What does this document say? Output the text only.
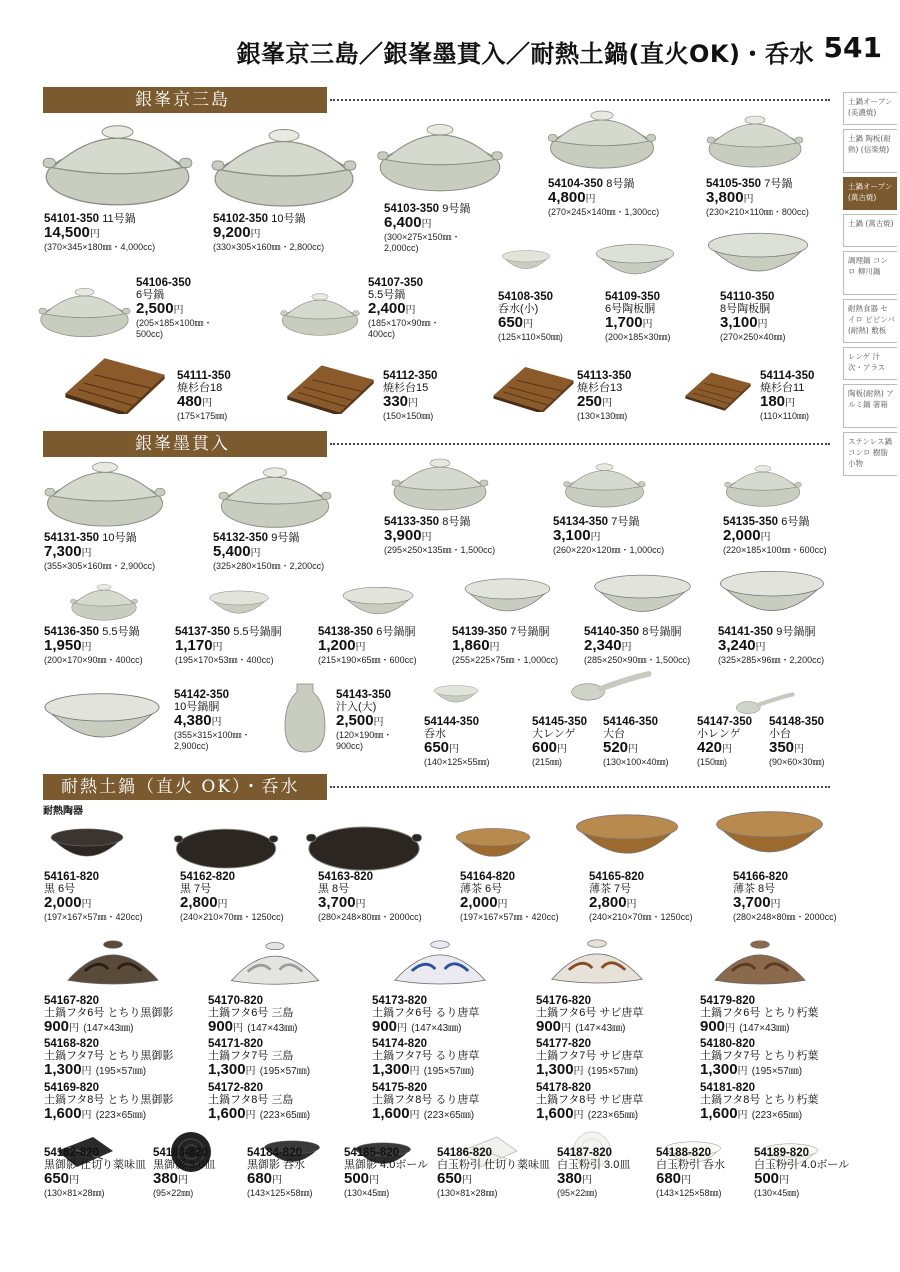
銀峯京三島／銀峯墨貫入／耐熱土鍋(直火OK)・呑水 541
銀峯京三島
銀峯墨貫入
耐熱土鍋（直火 OK）・呑水
耐熱陶器
土鍋オーブン (美濃焼)
土鍋 陶板(耐熱) (信楽焼)
土鍋オーブン (萬古焼)
土鍋 (萬古焼)
調理鍋 コンロ 柳川鍋
耐熱食器 セイロ ビビンバ(耐熱) 敷板
レンゲ 汁次・アラス
陶板(耐熱) アルミ鍋 箸箱
ステンレス鍋 コンロ 樹脂小物
54101-350 11号鍋
14,500円
(370×345×180㎜・4,000cc)
54102-350 10号鍋
9,200円
(330×305×160㎜・2,800cc)
54103-350 9号鍋
6,400円
(300×275×150㎜・
2,000cc)
54104-350 8号鍋
4,800円
(270×245×140㎜・1,300cc)
54105-350 7号鍋
3,800円
(230×210×110㎜・800cc)
54106-350
6号鍋
2,500円
(205×185×100㎜・
500cc)
54107-350
5.5号鍋
2,400円
(185×170×90㎜・
400cc)
54108-350
呑水(小)
650円
(125×110×50㎜)
54109-350
6号陶板胴
1,700円
(200×185×30㎜)
54110-350
8号陶板胴
3,100円
(270×250×40㎜)
54111-350
焼杉台18
480円
(175×175㎜)
54112-350
焼杉台15
330円
(150×150㎜)
54113-350
焼杉台13
250円
(130×130㎜)
54114-350
焼杉台11
180円
(110×110㎜)
54131-350 10号鍋
7,300円
(355×305×160㎜・2,900cc)
54132-350 9号鍋
5,400円
(325×280×150㎜・2,200cc)
54133-350 8号鍋
3,900円
(295×250×135㎜・1,500cc)
54134-350 7号鍋
3,100円
(260×220×120㎜・1,000cc)
54135-350 6号鍋
2,000円
(220×185×100㎜・600cc)
54136-350 5.5号鍋
1,950円
(200×170×90㎜・400cc)
54137-350 5.5号鍋胴
1,170円
(195×170×53㎜・400cc)
54138-350 6号鍋胴
1,200円
(215×190×65㎜・600cc)
54139-350 7号鍋胴
1,860円
(255×225×75㎜・1,000cc)
54140-350 8号鍋胴
2,340円
(285×250×90㎜・1,500cc)
54141-350 9号鍋胴
3,240円
(325×285×96㎜・2,200cc)
54142-350
10号鍋胴
4,380円
(355×315×100㎜・
2,900cc)
54143-350
汁入(大)
2,500円
(120×190㎜・
900cc)
54144-350
呑水
650円
(140×125×55㎜)
54145-350
大レンゲ
600円
(215㎜)
54146-350
大台
520円
(130×100×40㎜)
54147-350
小レンゲ
420円
(150㎜)
54148-350
小台
350円
(90×60×30㎜)
54161-820
黒 6号
2,000円
(197×167×57㎜・420cc)
54162-820
黒 7号
2,800円
(240×210×70㎜・1250cc)
54163-820
黒 8号
3,700円
(280×248×80㎜・2000cc)
54164-820
薄茶 6号
2,000円
(197×167×57㎜・420cc)
54165-820
薄茶 7号
2,800円
(240×210×70㎜・1250cc)
54166-820
薄茶 8号
3,700円
(280×248×80㎜・2000cc)
54167-820
土鍋フタ6号 とちり黒御影
900円 (147×43㎜)
54168-820
土鍋フタ7号 とちり黒御影
1,300円 (195×57㎜)
54169-820
土鍋フタ8号 とちり黒御影
1,600円 (223×65㎜)
54170-820
土鍋フタ6号 三島
900円 (147×43㎜)
54171-820
土鍋フタ7号 三島
1,300円 (195×57㎜)
54172-820
土鍋フタ8号 三島
1,600円 (223×65㎜)
54173-820
土鍋フタ6号 るり唐草
900円 (147×43㎜)
54174-820
土鍋フタ7号 るり唐草
1,300円 (195×57㎜)
54175-820
土鍋フタ8号 るり唐草
1,600円 (223×65㎜)
54176-820
土鍋フタ6号 サビ唐草
900円 (147×43㎜)
54177-820
土鍋フタ7号 サビ唐草
1,300円 (195×57㎜)
54178-820
土鍋フタ8号 サビ唐草
1,600円 (223×65㎜)
54179-820
土鍋フタ6号 とちり朽葉
900円 (147×43㎜)
54180-820
土鍋フタ7号 とちり朽葉
1,300円 (195×57㎜)
54181-820
土鍋フタ8号 とちり朽葉
1,600円 (223×65㎜)
54182-820
黒御影 仕切り薬味皿
650円
(130×81×28㎜)
54183-820
黒御影 3.0皿
380円
(95×22㎜)
54184-820
黒御影 呑水
680円
(143×125×58㎜)
54185-820
黒御影 4.0ボール
500円
(130×45㎜)
54186-820
白玉粉引 仕切り薬味皿
650円
(130×81×28㎜)
54187-820
白玉粉引 3.0皿
380円
(95×22㎜)
54188-820
白玉粉引 呑水
680円
(143×125×58㎜)
54189-820
白玉粉引 4.0ボール
500円
(130×45㎜)
